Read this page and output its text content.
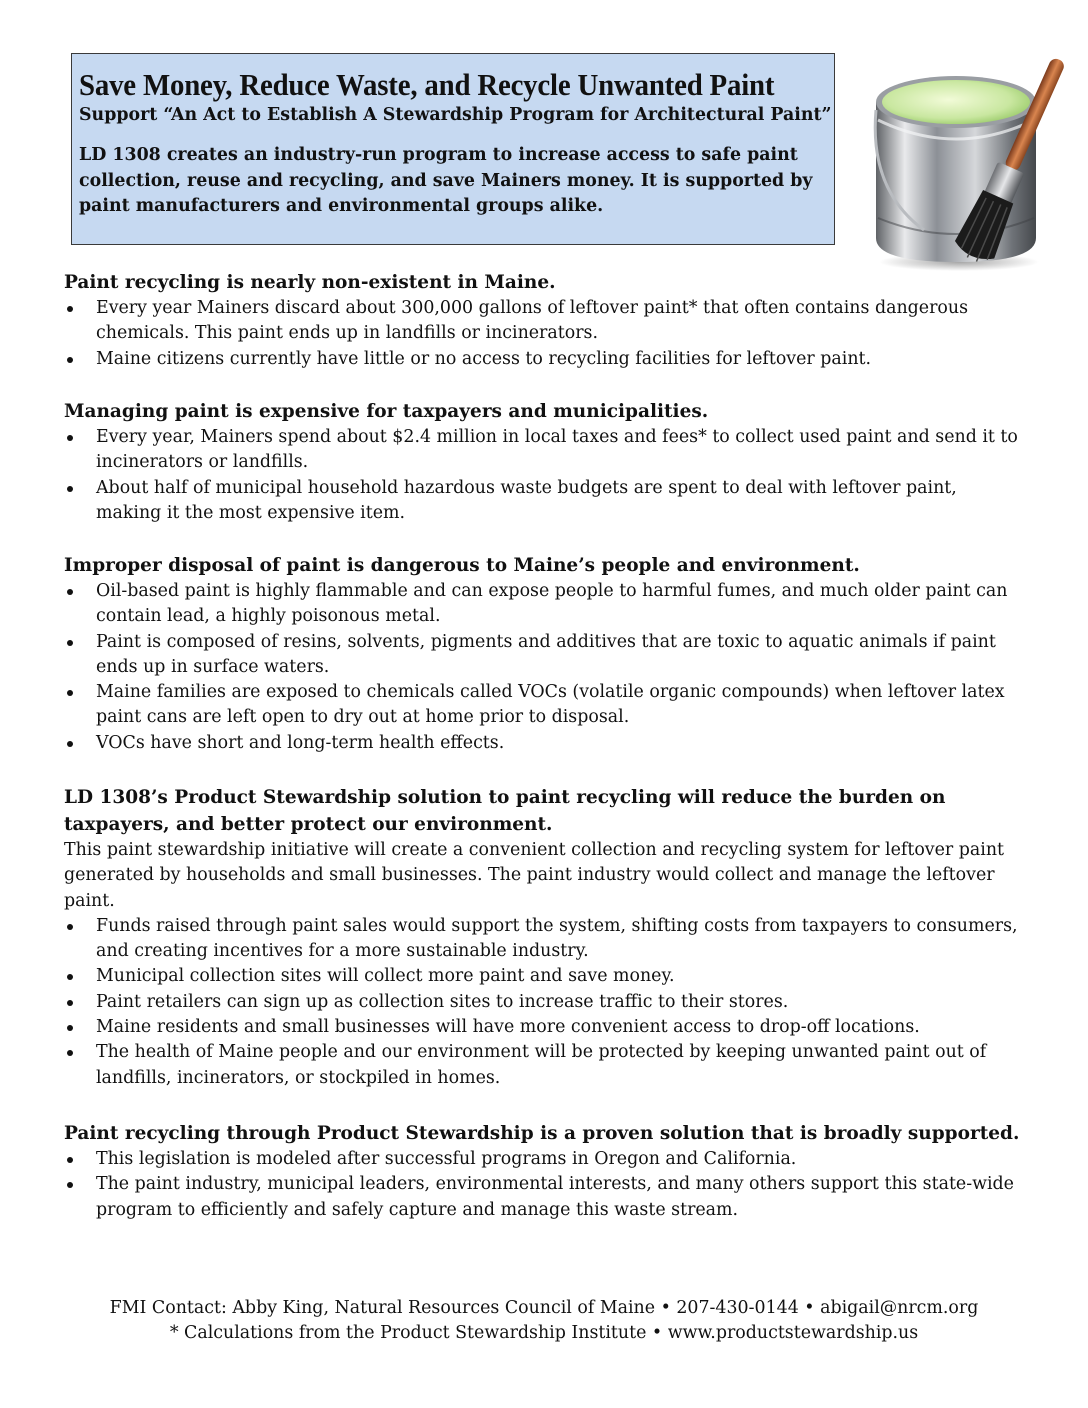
Save Money, Reduce Waste, and Recycle Unwanted Paint

Support “An Act to Establish A Stewardship Program for Architectural Paint”

LD 1308 creates an industry-run program to increase access to safe paint
collection, reuse and recycling, and save Mainers money. It is supported by
paint manufacturers and environmental groups alike.

Paint recycling is nearly non-existent in Maine.

Every year Mainers discard about 300,000 gallons of leftover paint* that often contains dangerous chemicals. This paint ends up in landfills or incinerators.
Maine citizens currently have little or no access to recycling facilities for leftover paint.

Managing paint is expensive for taxpayers and municipalities.

Every year, Mainers spend about $2.4 million in local taxes and fees* to collect used paint and send it to incinerators or landfills.
About half of municipal household hazardous waste budgets are spent to deal with leftover paint, making it the most expensive item.

Improper disposal of paint is dangerous to Maine’s people and environment.

Oil-based paint is highly flammable and can expose people to harmful fumes, and much older paint can contain lead, a highly poisonous metal.
Paint is composed of resins, solvents, pigments and additives that are toxic to aquatic animals if paint ends up in surface waters.
Maine families are exposed to chemicals called VOCs (volatile organic compounds) when leftover latex paint cans are left open to dry out at home prior to disposal.
VOCs have short and long-term health effects.

LD 1308’s Product Stewardship solution to paint recycling will reduce the burden on taxpayers, and better protect our environment.

This paint stewardship initiative will create a convenient collection and recycling system for leftover paint generated by households and small businesses. The paint industry would collect and manage the leftover paint.

Funds raised through paint sales would support the system, shifting costs from taxpayers to consumers, and creating incentives for a more sustainable industry.
Municipal collection sites will collect more paint and save money.
Paint retailers can sign up as collection sites to increase traffic to their stores.
Maine residents and small businesses will have more convenient access to drop-off locations.
The health of Maine people and our environment will be protected by keeping unwanted paint out of landfills, incinerators, or stockpiled in homes.

Paint recycling through Product Stewardship is a proven solution that is broadly supported.

This legislation is modeled after successful programs in Oregon and California.
The paint industry, municipal leaders, environmental interests, and many others support this state-wide program to efficiently and safely capture and manage this waste stream.
FMI Contact: Abby King, Natural Resources Council of Maine • 207-430-0144 • abigail@nrcm.org
* Calculations from the Product Stewardship Institute • www.productstewardship.us
